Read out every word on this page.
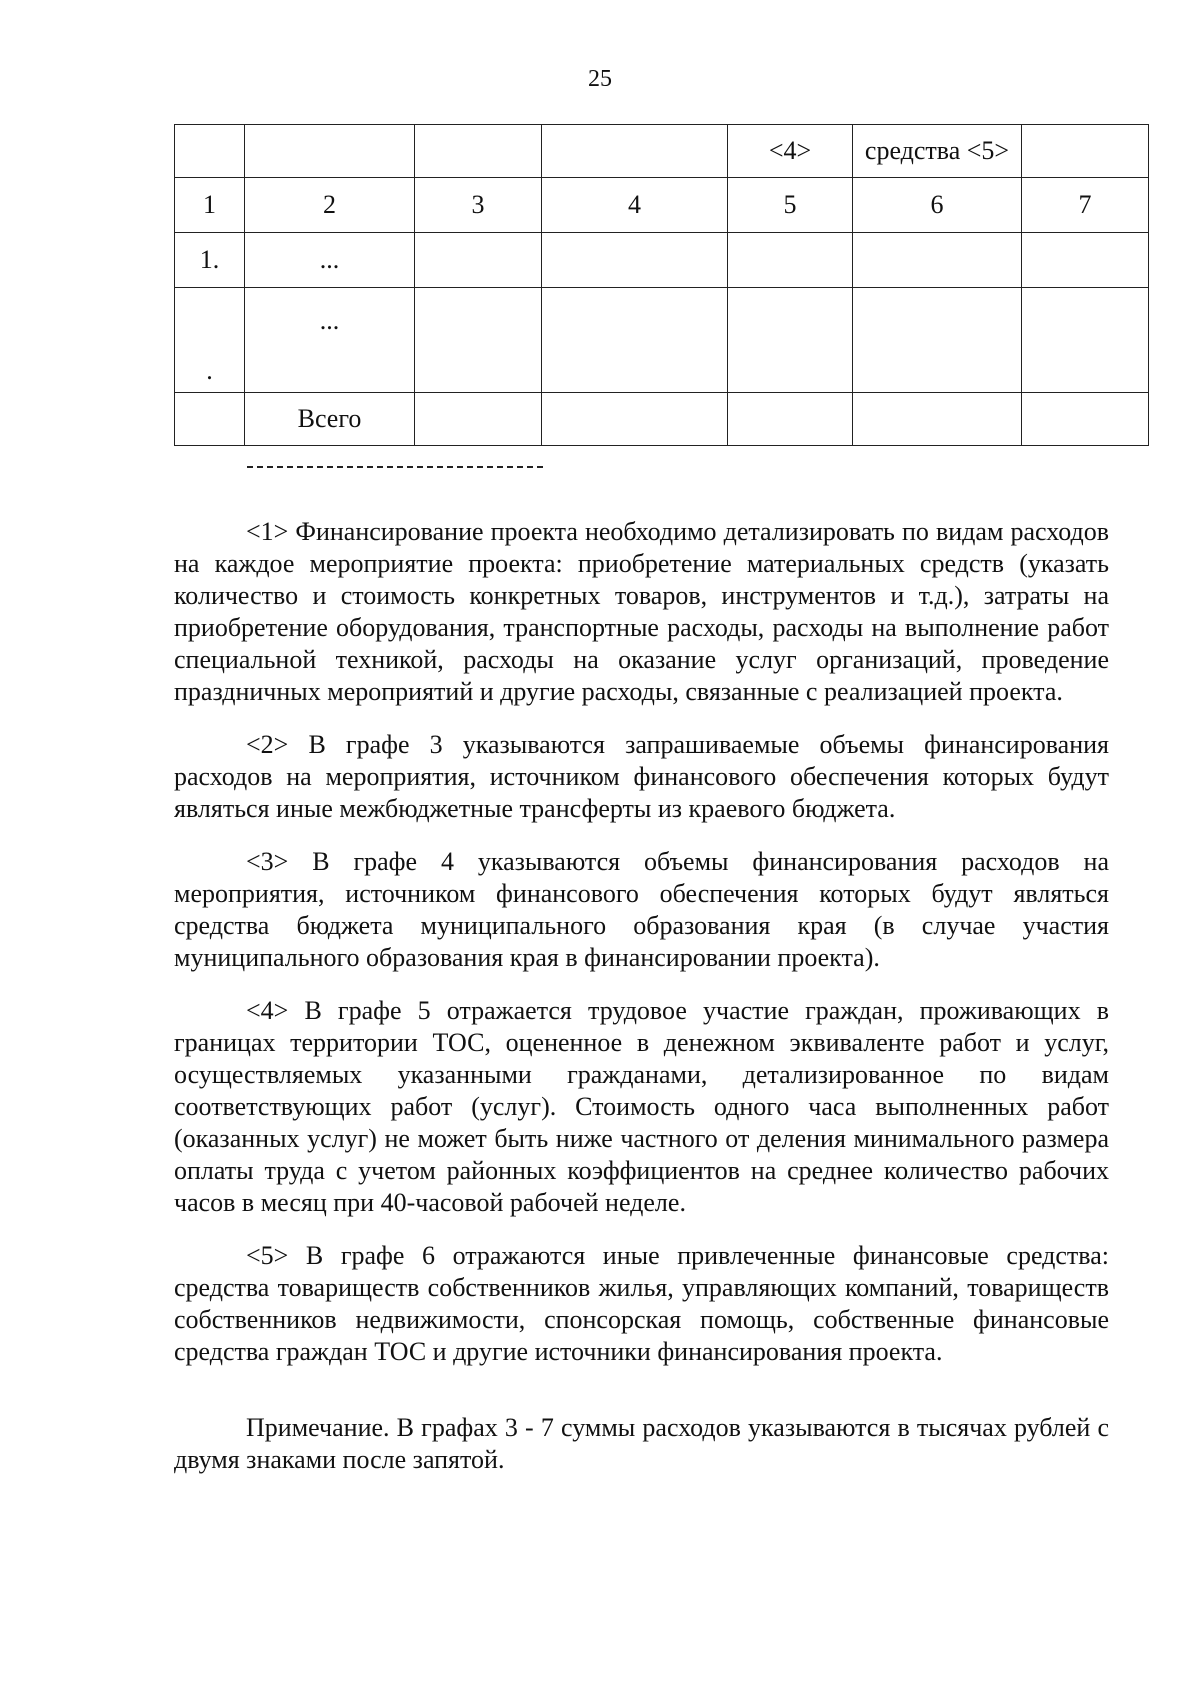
25
				<4>	средства <5>	
1	2	3	4	5	6	7
1.	...					

.	...					
	Всего					

<1> Финансирование проекта необходимо детализировать по видам расходов на каждое мероприятие проекта: приобретение материальных средств (указать количество и стоимость конкретных товаров, инструментов и т.д.), затраты на приобретение оборудования, транспортные расходы, расходы на выполнение работ специальной техникой, расходы на оказание услуг организаций, проведение праздничных мероприятий и другие расходы, связанные с реализацией проекта.

<2> В графе 3 указываются запрашиваемые объемы финансирования расходов на мероприятия, источником финансового обеспечения которых будут являться иные межбюджетные трансферты из краевого бюджета.

<3> В графе 4 указываются объемы финансирования расходов на мероприятия, источником финансового обеспечения которых будут являться средства бюджета муниципального образования края (в случае участия муниципального образования края в финансировании проекта).

<4> В графе 5 отражается трудовое участие граждан, проживающих в границах территории ТОС, оцененное в денежном эквиваленте работ и услуг, осуществляемых указанными гражданами, детализированное по видам соответствующих работ (услуг). Стоимость одного часа выполненных работ (оказанных услуг) не может быть ниже частного от деления минимального размера оплаты труда с учетом районных коэффициентов на среднее количество рабочих часов в месяц при 40-часовой рабочей неделе.

<5> В графе 6 отражаются иные привлеченные финансовые средства: средства товариществ собственников жилья, управляющих компаний, товариществ собственников недвижимости, спонсорская помощь, собственные финансовые средства граждан ТОС и другие источники финансирования проекта.

Примечание. В графах 3 - 7 суммы расходов указываются в тысячах рублей с двумя знаками после запятой.
